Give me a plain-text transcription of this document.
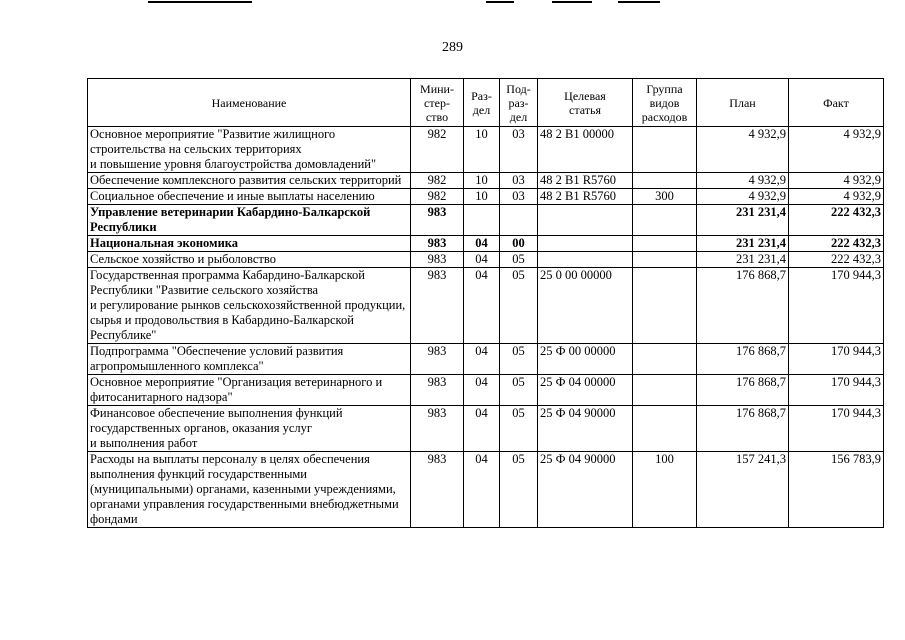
289
Наименование	Мини-
стер-
ство	Раз-
дел	Под-
раз-
дел	Целевая
статья	Группа
видов
расходов	План	Факт
Основное мероприятие "Развитие жилищного строительства на сельских территориях
и повышение уровня благоустройства домовладений"	982	10	03	48 2 B1 00000		4 932,9	4 932,9
Обеспечение комплексного развития сельских территорий	982	10	03	48 2 B1 R5760		4 932,9	4 932,9
Социальное обеспечение и иные выплаты населению	982	10	03	48 2 B1 R5760	300	4 932,9	4 932,9
Управление ветеринарии Кабардино-Балкарской Республики	983					231 231,4	222 432,3
Национальная экономика	983	04	00			231 231,4	222 432,3
Сельское хозяйство и рыболовство	983	04	05			231 231,4	222 432,3
Государственная программа Кабардино-Балкарской Республики "Развитие сельского хозяйства
и регулирование рынков сельскохозяйственной продукции, сырья и продовольствия в Кабардино-Балкарской Республике"	983	04	05	25 0 00 00000		176 868,7	170 944,3
Подпрограмма "Обеспечение условий развития агропромышленного комплекса"	983	04	05	25 Ф 00 00000		176 868,7	170 944,3
Основное мероприятие "Организация ветеринарного и фитосанитарного надзора"	983	04	05	25 Ф 04 00000		176 868,7	170 944,3
Финансовое обеспечение выполнения функций государственных органов, оказания услуг
и выполнения работ	983	04	05	25 Ф 04 90000		176 868,7	170 944,3
Расходы на выплаты персоналу в целях обеспечения выполнения функций государственными (муниципальными) органами, казенными учреждениями, органами управления государственными внебюджетными фондами	983	04	05	25 Ф 04 90000	100	157 241,3	156 783,9
